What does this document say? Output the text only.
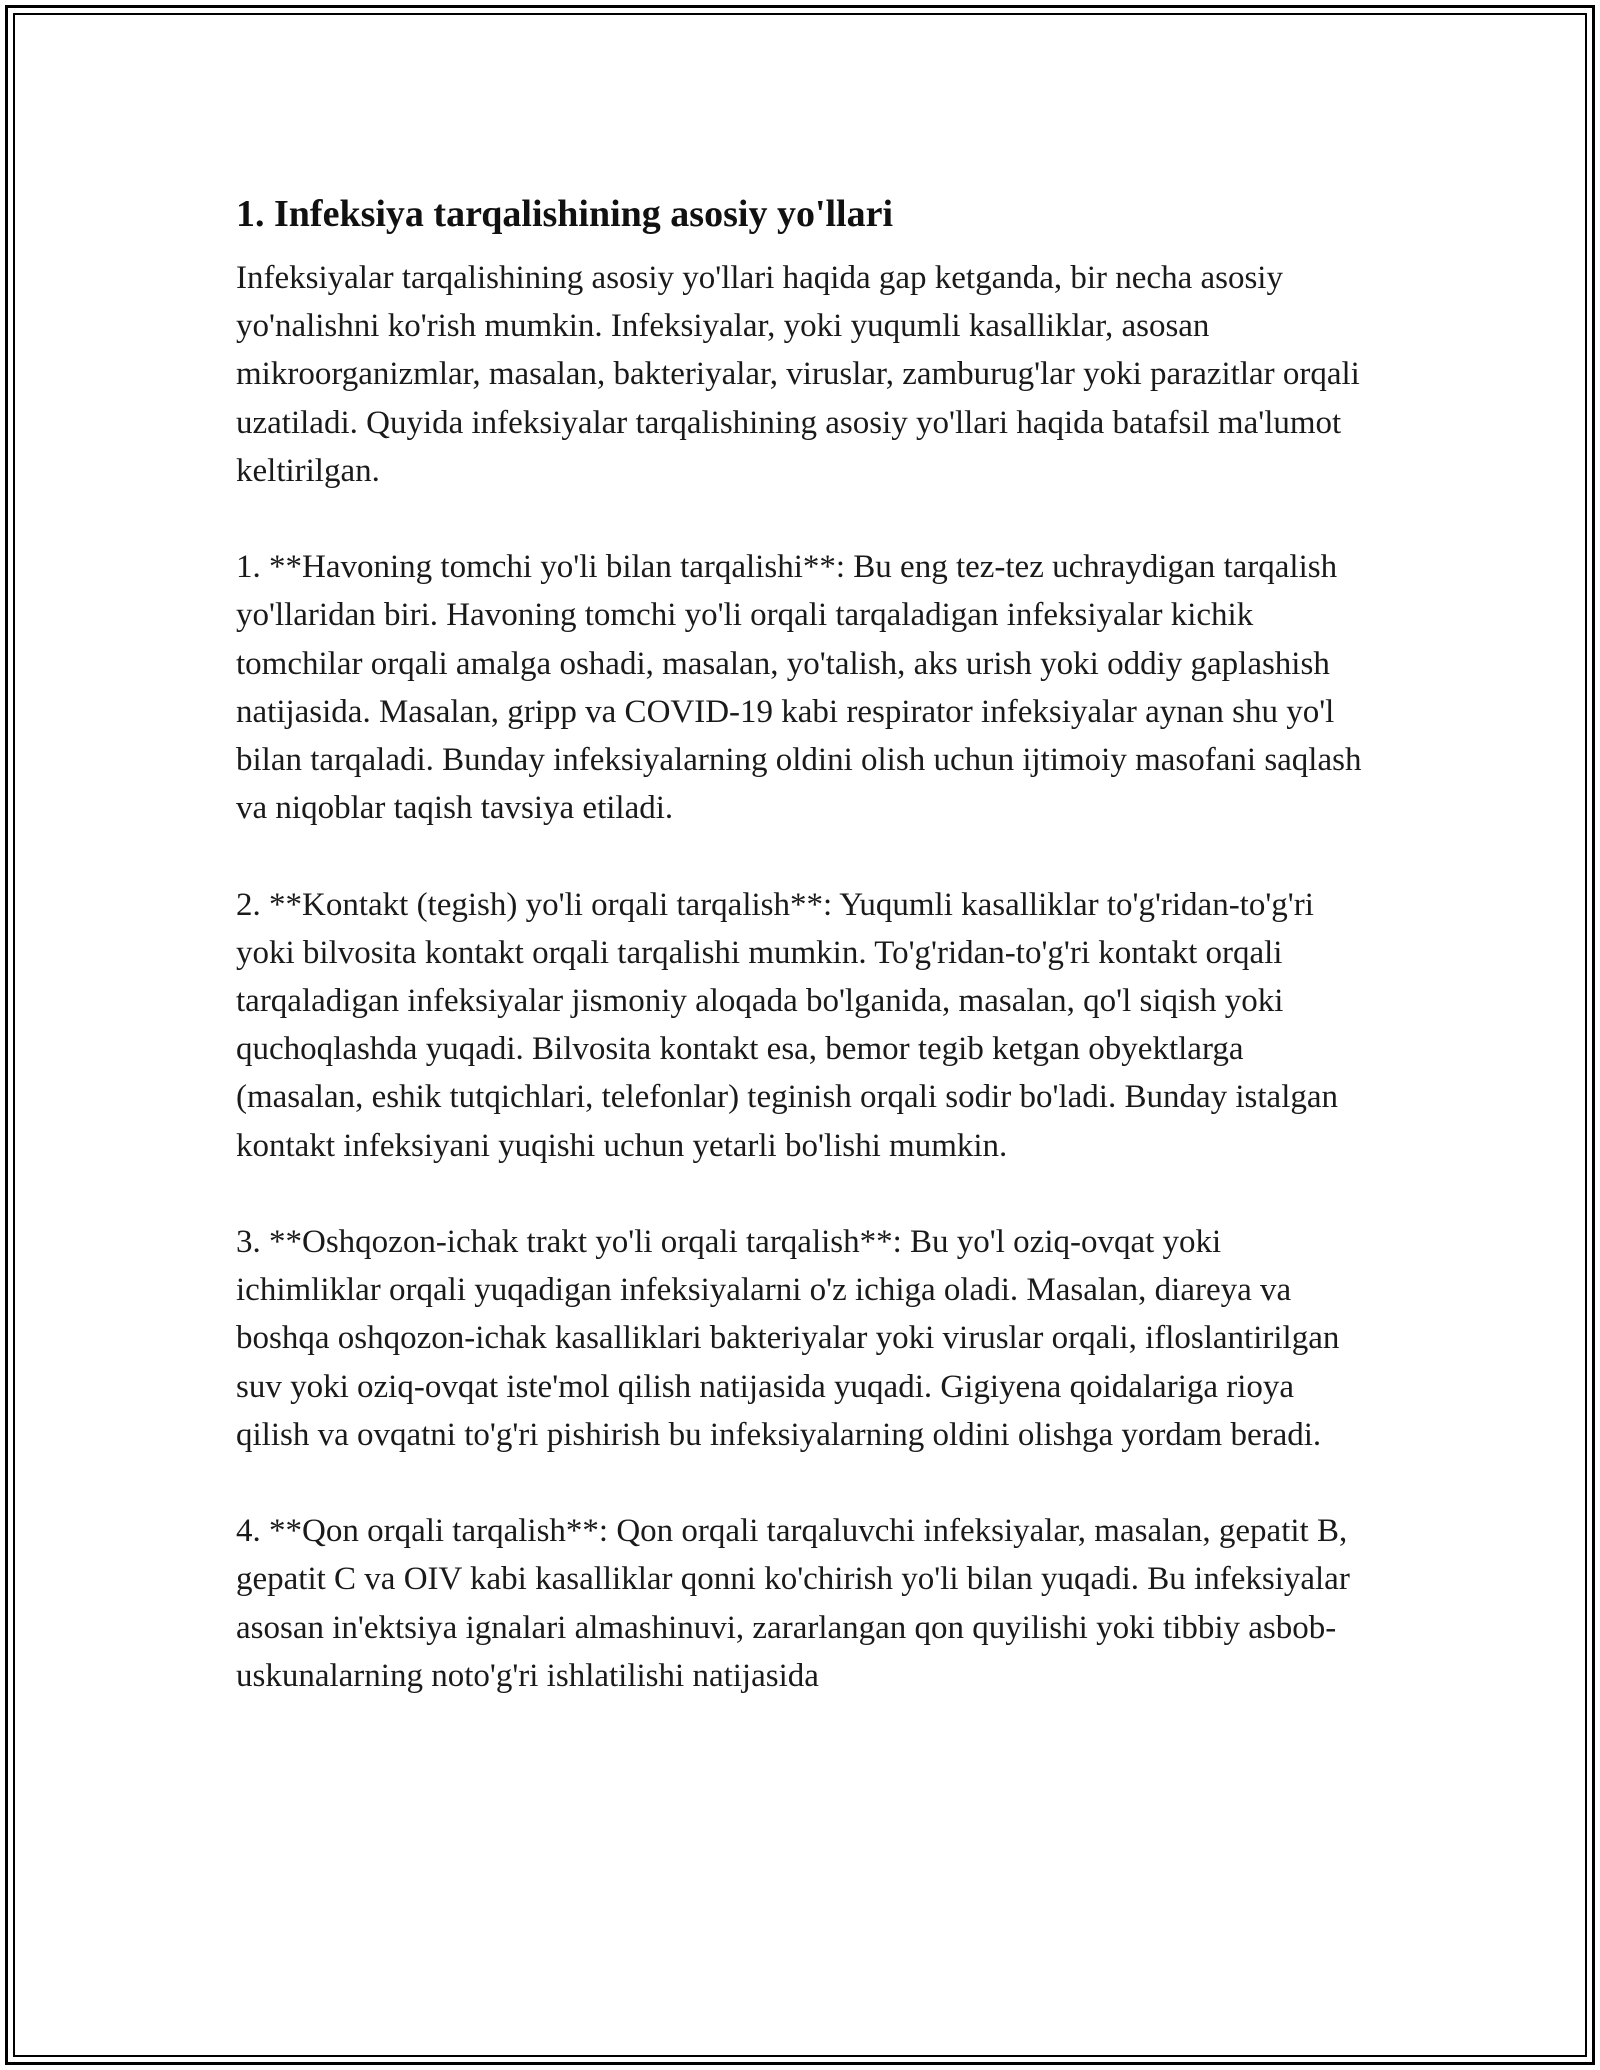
1. Infeksiya tarqalishining asosiy yo'llari

Infeksiyalar tarqalishining asosiy yo'llari haqida gap ketganda, bir necha asosiy yo'nalishni ko'rish mumkin. Infeksiyalar, yoki yuqumli kasalliklar, asosan mikroorganizmlar, masalan, bakteriyalar, viruslar, zamburug'lar yoki parazitlar orqali uzatiladi. Quyida infeksiyalar tarqalishining asosiy yo'llari haqida batafsil ma'lumot keltirilgan.

1. **Havoning tomchi yo'li bilan tarqalishi**: Bu eng tez-tez uchraydigan tarqalish yo'llaridan biri. Havoning tomchi yo'li orqali tarqaladigan infeksiyalar kichik tomchilar orqali amalga oshadi, masalan, yo'talish, aks urish yoki oddiy gaplashish natijasida. Masalan, gripp va COVID-19 kabi respirator infeksiyalar aynan shu yo'l bilan tarqaladi. Bunday infeksiyalarning oldini olish uchun ijtimoiy masofani saqlash va niqoblar taqish tavsiya etiladi.

2. **Kontakt (tegish) yo'li orqali tarqalish**: Yuqumli kasalliklar to'g'ridan-to'g'ri yoki bilvosita kontakt orqali tarqalishi mumkin. To'g'ridan-to'g'ri kontakt orqali tarqaladigan infeksiyalar jismoniy aloqada bo'lganida, masalan, qo'l siqish yoki quchoqlashda yuqadi. Bilvosita kontakt esa, bemor tegib ketgan obyektlarga (masalan, eshik tutqichlari, telefonlar) teginish orqali sodir bo'ladi. Bunday istalgan kontakt infeksiyani yuqishi uchun yetarli bo'lishi mumkin.

3. **Oshqozon-ichak trakt yo'li orqali tarqalish**: Bu yo'l oziq-ovqat yoki ichimliklar orqali yuqadigan infeksiyalarni o'z ichiga oladi. Masalan, diareya va boshqa oshqozon-ichak kasalliklari bakteriyalar yoki viruslar orqali, ifloslantirilgan suv yoki oziq-ovqat iste'mol qilish natijasida yuqadi. Gigiyena qoidalariga rioya qilish va ovqatni to'g'ri pishirish bu infeksiyalarning oldini olishga yordam beradi.

4. **Qon orqali tarqalish**: Qon orqali tarqaluvchi infeksiyalar, masalan, gepatit B, gepatit C va OIV kabi kasalliklar qonni ko'chirish yo'li bilan yuqadi. Bu infeksiyalar asosan in'ektsiya ignalari almashinuvi, zararlangan qon quyilishi yoki tibbiy asbob-uskunalarning noto'g'ri ishlatilishi natijasida
